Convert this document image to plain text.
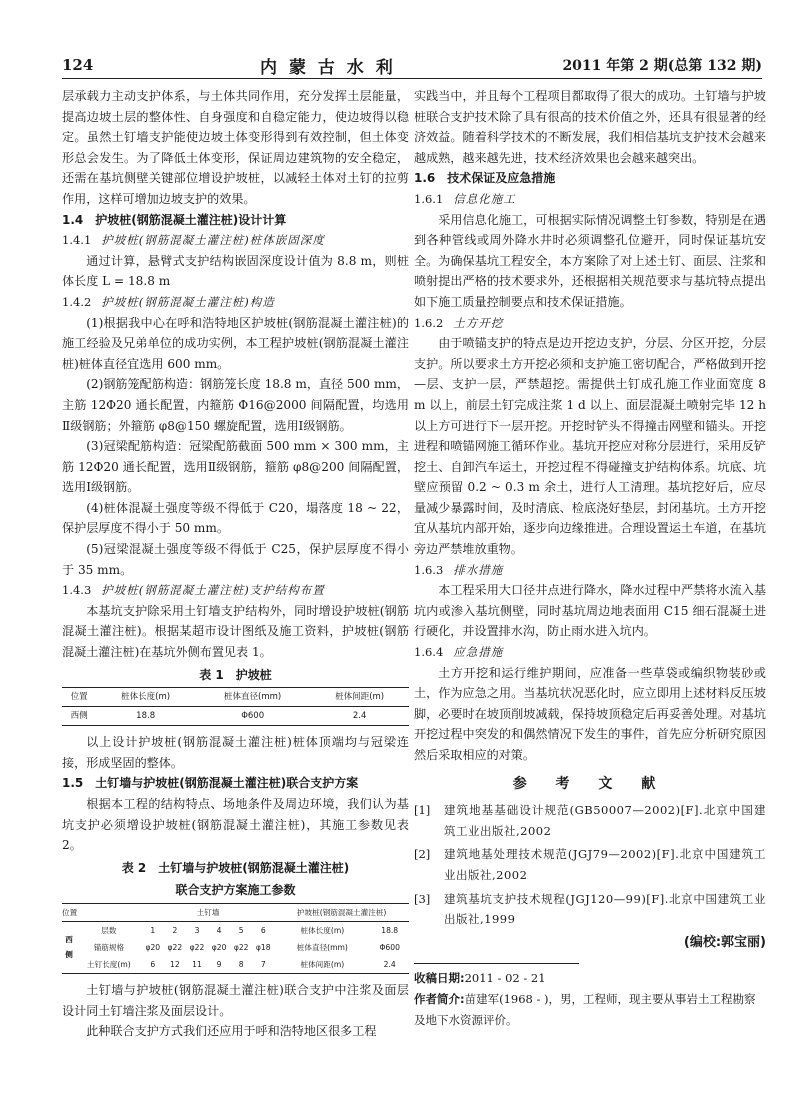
124	内 蒙 古 水 利	2011 年第 2 期(总第 132 期)

层承载力主动支护体系，与土体共同作用，充分发挥土层能量，提高边坡土层的整体性、自身强度和自稳定能力，使边坡得以稳定。虽然土钉墙支护能使边坡土体变形得到有效控制，但土体变形总会发生。为了降低土体变形，保证周边建筑物的安全稳定，还需在基坑侧壁关键部位增设护坡桩，以减轻土体对土钉的拉剪作用，这样可增加边坡支护的效果。

1.4　护坡桩(钢筋混凝土灌注桩)设计计算

1.4.1 护坡桩(钢筋混凝土灌注桩)桩体嵌固深度

通过计算，悬臂式支护结构嵌固深度设计值为 8.8 m，则桩体长度 L = 18.8 m

1.4.2 护坡桩(钢筋混凝土灌注桩)构造

(1)根据我中心在呼和浩特地区护坡桩(钢筋混凝土灌注桩)的施工经验及兄弟单位的成功实例，本工程护坡桩(钢筋混凝土灌注桩)桩体直径宜选用 600 mm。

(2)钢筋笼配筋构造：钢筋笼长度 18.8 m，直径 500 mm，主筋 12Φ20 通长配置，内箍筋 Φ16@2000 间隔配置，均选用Ⅱ级钢筋；外箍筋 φ8@150 螺旋配置，选用Ⅰ级钢筋。

(3)冠梁配筋构造：冠梁配筋截面 500 mm × 300 mm，主筋 12Φ20 通长配置，选用Ⅱ级钢筋，箍筋 φ8@200 间隔配置，选用Ⅰ级钢筋。

(4)桩体混凝土强度等级不得低于 C20，塌落度 18 ~ 22，保护层厚度不得小于 50 mm。

(5)冠梁混凝土强度等级不得低于 C25，保护层厚度不得小于 35 mm。

1.4.3 护坡桩(钢筋混凝土灌注桩)支护结构布置

本基坑支护除采用土钉墙支护结构外，同时增设护坡桩(钢筋混凝土灌注桩)。根据某超市设计图纸及施工资料，护坡桩(钢筋混凝土灌注桩)在基坑外侧布置见表 1。

表 1　护坡桩
位置	桩体长度(m)	桩体直径(mm)	桩体间距(m)
西侧	18.8	Φ600	2.4

以上设计护坡桩(钢筋混凝土灌注桩)桩体顶端均与冠梁连接，形成坚固的整体。

1.5　土钉墙与护坡桩(钢筋混凝土灌注桩)联合支护方案

根据本工程的结构特点、场地条件及周边环境，我们认为基坑支护必须增设护坡桩(钢筋混凝土灌注桩)，其施工参数见表 2。

表 2　土钉墙与护坡桩(钢筋混凝土灌注桩)
联合支护方案施工参数
位置		土钉墙						护坡桩(钢筋混凝土灌注桩)	
西侧	层数	1	2	3	4	5	6	桩体长度(m)	18.8
	锚筋规格	φ20	φ22	φ22	φ20	φ22	φ18	桩体直径(mm)	Φ600
	土钉长度(m)	6	12	11	9	8	7	桩体间距(m)	2.4

土钉墙与护坡桩(钢筋混凝土灌注桩)联合支护中注浆及面层设计同土钉墙注浆及面层设计。

此种联合支护方式我们还应用于呼和浩特地区很多工程

实践当中，并且每个工程项目都取得了很大的成功。土钉墙与护坡桩联合支护技术除了具有很高的技术价值之外，还具有很显著的经济效益。随着科学技术的不断发展，我们相信基坑支护技术会越来越成熟，越来越先进，技术经济效果也会越来越突出。

1.6　技术保证及应急措施

1.6.1 信息化施工

采用信息化施工，可根据实际情况调整土钉参数，特别是在遇到各种管线或周外降水井时必须调整孔位避开，同时保证基坑安全。为确保基坑工程安全，本方案除了对上述土钉、面层、注浆和喷射提出严格的技术要求外，还根据相关规范要求与基坑特点提出如下施工质量控制要点和技术保证措施。

1.6.2 土方开挖

由于喷锚支护的特点是边开挖边支护，分层、分区开挖，分层支护。所以要求土方开挖必须和支护施工密切配合，严格做到开挖—层、支护一层，严禁超挖。需提供土钉成孔施工作业面宽度 8 m 以上，前层土钉完成注浆 1 d 以上、面层混凝土喷射完毕 12 h 以上方可进行下一层开挖。开挖时铲头不得撞击网壁和锚头。开挖进程和喷锚网施工循环作业。基坑开挖应对称分层进行，采用反铲挖土、自卸汽车运土，开挖过程不得碰撞支护结构体系。坑底、坑壁应预留 0.2 ~ 0.3 m 余土，进行人工清理。基坑挖好后，应尽量减少暴露时间，及时清底、检底浇好垫层，封闭基坑。土方开挖宜从基坑内部开始，逐步向边缘推进。合理设置运土车道，在基坑旁边严禁堆放重物。

1.6.3 排水措施

本工程采用大口径井点进行降水，降水过程中严禁将水流入基坑内或渗入基坑侧壁，同时基坑周边地表面用 C15 细石混凝土进行硬化，并设置排水沟，防止雨水进入坑内。

1.6.4 应急措施

土方开挖和运行维护期间，应准备一些草袋或编织物装砂或土，作为应急之用。当基坑状况恶化时，应立即用上述材料反压坡脚，必要时在坡顶削坡减载，保持坡顶稳定后再妥善处理。对基坑开挖过程中突发的和偶然情况下发生的事件，首先应分析研究原因然后采取相应的对策。

参 考 文 献
[1]	建筑地基基础设计规范(GB50007—2002)[F].北京中国建筑工业出版社,2002
[2]	建筑地基处理技术规范(JGJ79—2002)[F].北京中国建筑工业出版社,2002
[3]	建筑基坑支护技术规程(JGJ120—99)[F].北京中国建筑工业出版社,1999
(编校:郭宝丽)
收稿日期:2011 - 02 - 21
作者简介:苗建军(1968 - )，男，工程师，现主要从事岩土工程勘察及地下水资源评价。
